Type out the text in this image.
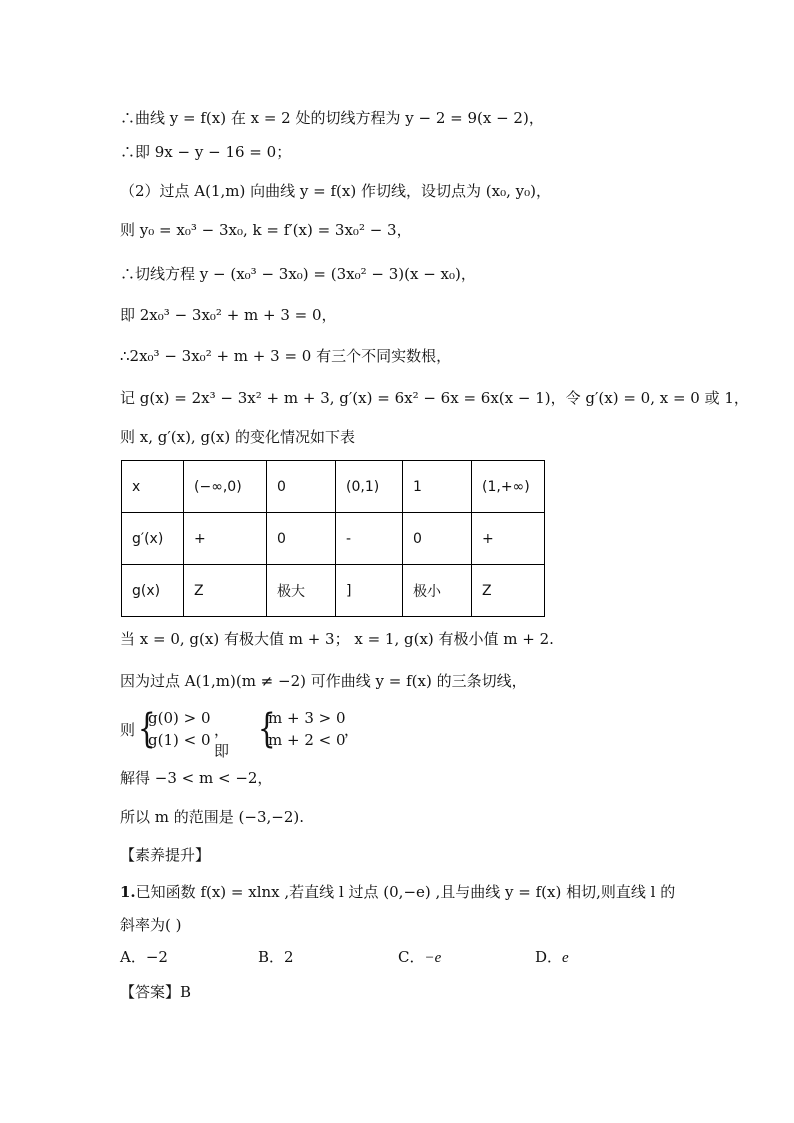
∴曲线 y = f(x) 在 x = 2 处的切线方程为 y − 2 = 9(x − 2)，
∴即 9x − y − 16 = 0；
（2）过点 A(1,m) 向曲线 y = f(x) 作切线，设切点为 (x₀, y₀)，
则 y₀ = x₀³ − 3x₀, k = f′(x) = 3x₀² − 3，
∴切线方程 y − (x₀³ − 3x₀) = (3x₀² − 3)(x − x₀)，
即 2x₀³ − 3x₀² + m + 3 = 0，
∴2x₀³ − 3x₀² + m + 3 = 0 有三个不同实数根，
记 g(x) = 2x³ − 3x² + m + 3, g′(x) = 6x² − 6x = 6x(x − 1)，令 g′(x) = 0, x = 0 或 1，
则 x, g′(x), g(x) 的变化情况如下表
x	(−∞,0)	0	(0,1)	1	(1,+∞)
g′(x)	+	0	-	0	+
g(x)	Z	极大	]	极小	Z
当 x = 0, g(x) 有极大值 m + 3； x = 1, g(x) 有极小值 m + 2.
因为过点 A(1,m)(m ≠ −2) 可作曲线 y = f(x) 的三条切线，
则 {
g(0) > 0
g(1) < 0
，即 {
m + 3 > 0
m + 2 < 0
，
解得 −3 < m < −2，
所以 m 的范围是 (−3,−2).
【素养提升】
1.已知函数 f(x) = xlnx ,若直线 l 过点 (0,−e) ,且与曲线 y = f(x) 相切,则直线 l 的
斜率为( )
A．−2	B．2	C．−e	D．e
【答案】B
